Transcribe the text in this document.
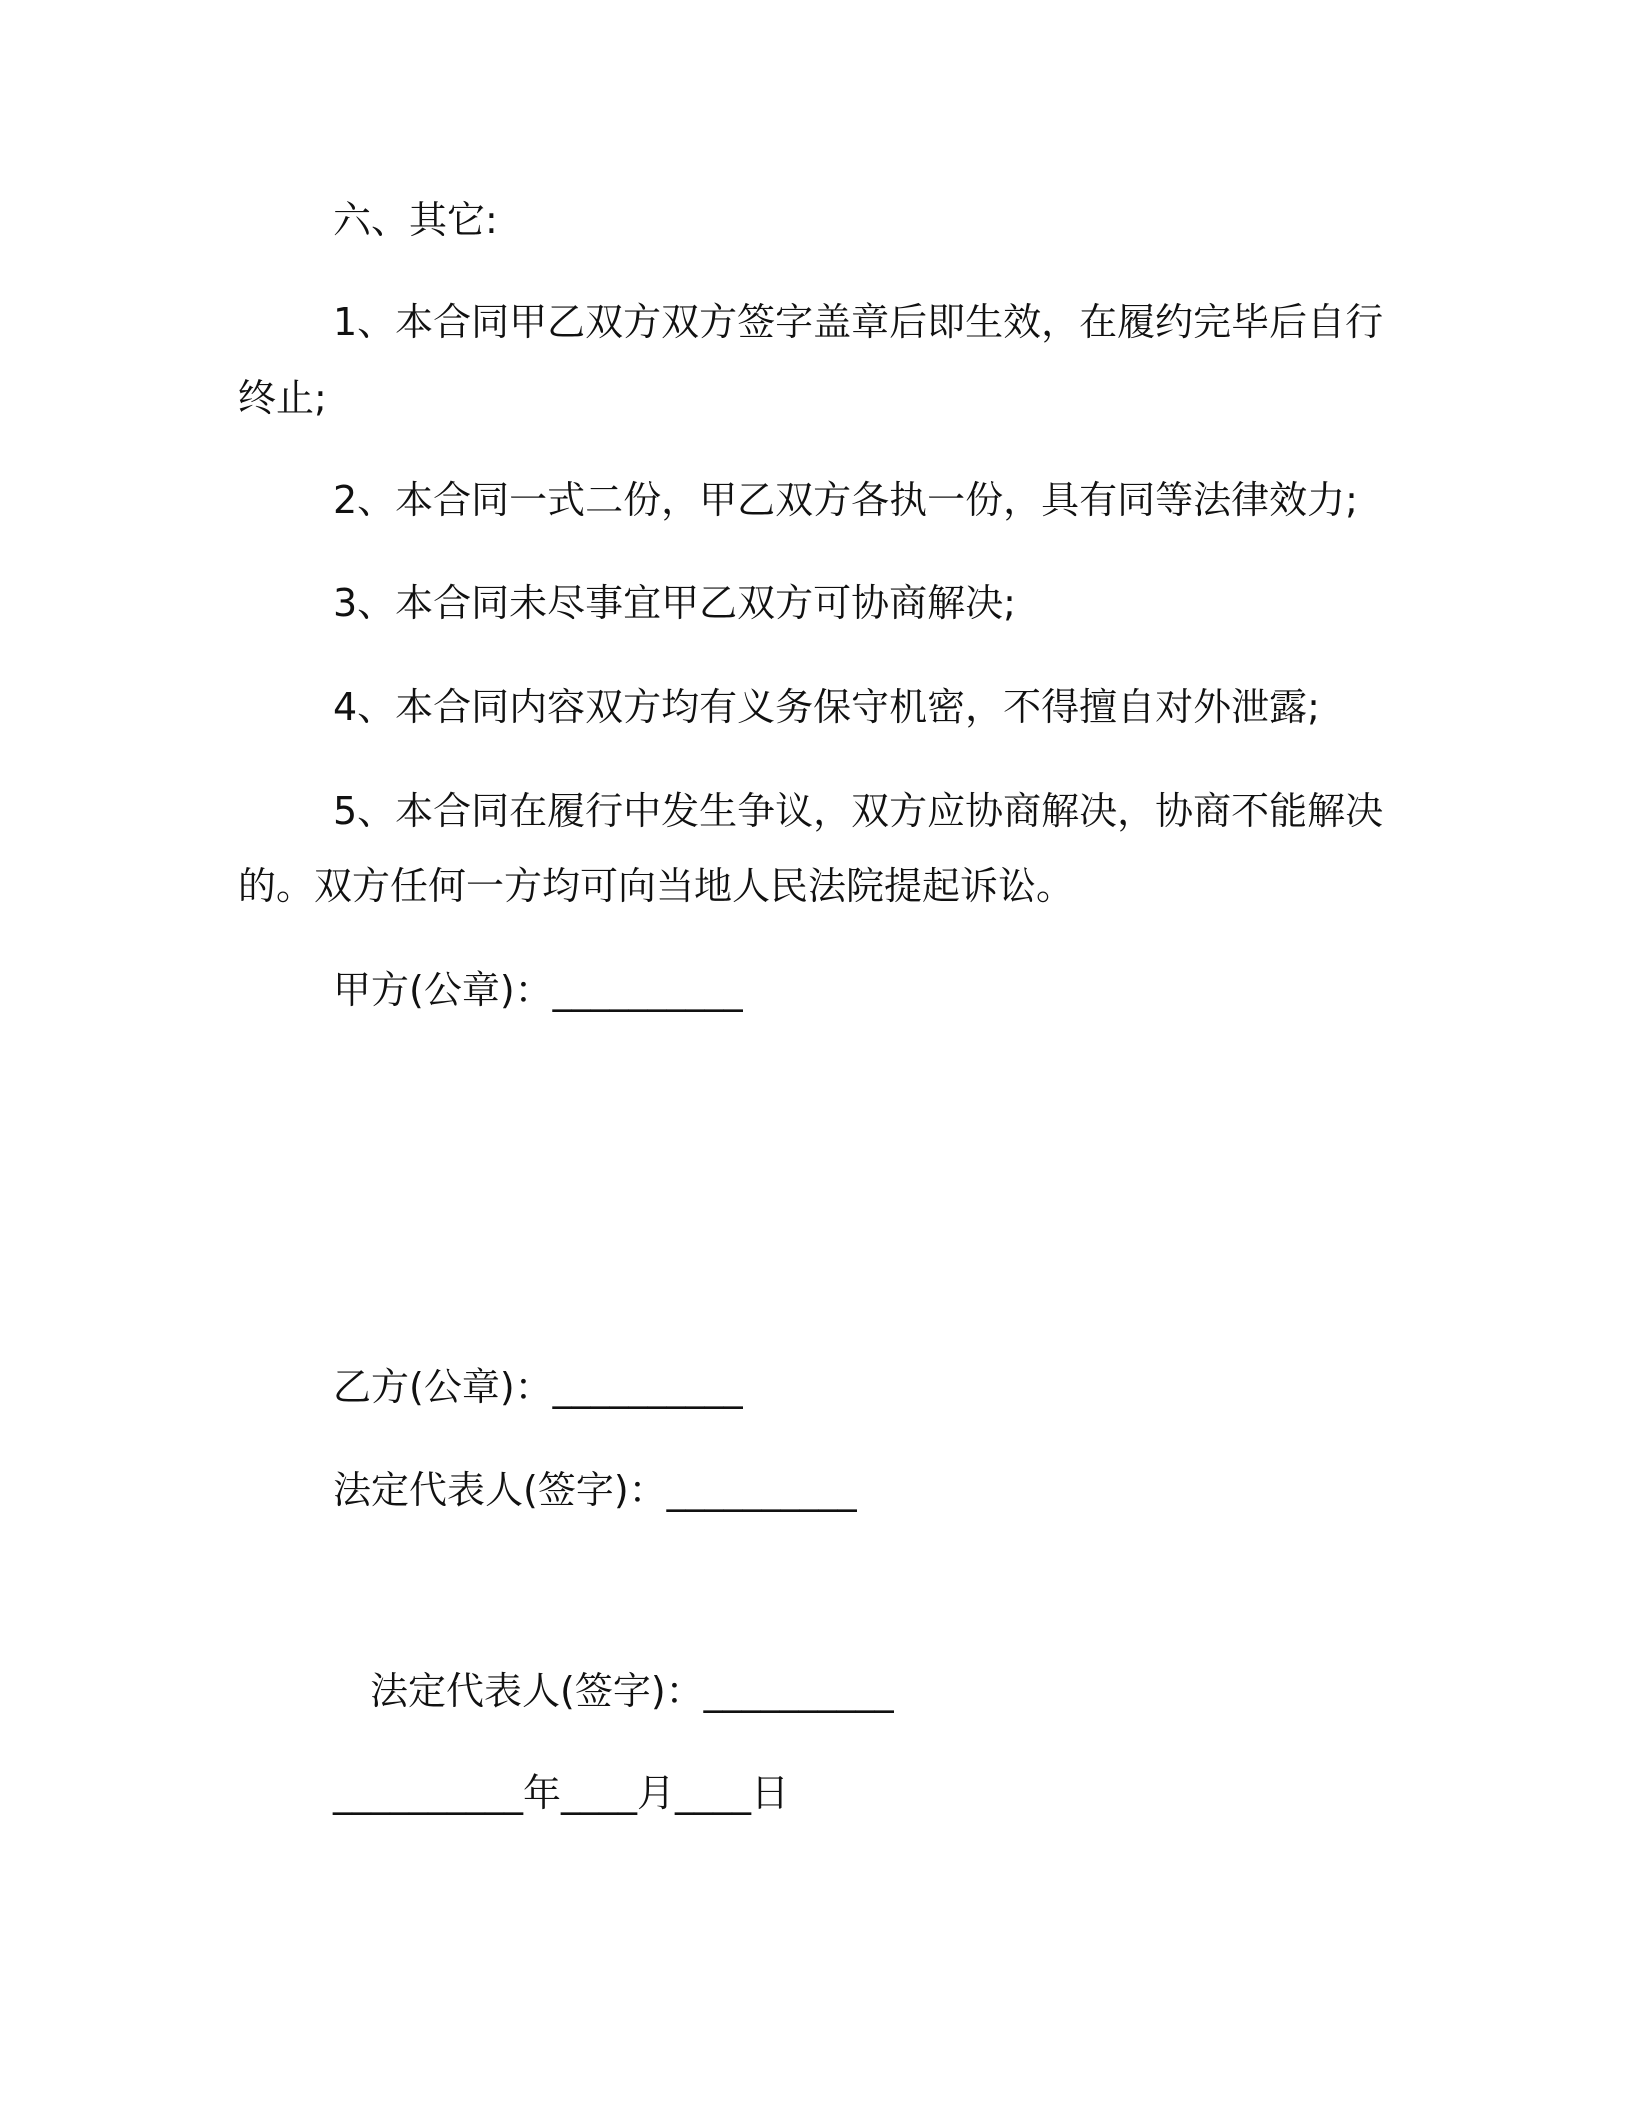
六、其它:
1、本合同甲乙双方双方签字盖章后即生效，在履约完毕后自行
终止;
2、本合同一式二份，甲乙双方各执一份，具有同等法律效力;
3、本合同未尽事宜甲乙双方可协商解决;
4、本合同内容双方均有义务保守机密，不得擅自对外泄露;
5、本合同在履行中发生争议，双方应协商解决，协商不能解决
的。双方任何一方均可向当地人民法院提起诉讼。
甲方(公章)：__________
乙方(公章)：__________
法定代表人(签字)：__________
法定代表人(签字)：__________
__________年____月____日
